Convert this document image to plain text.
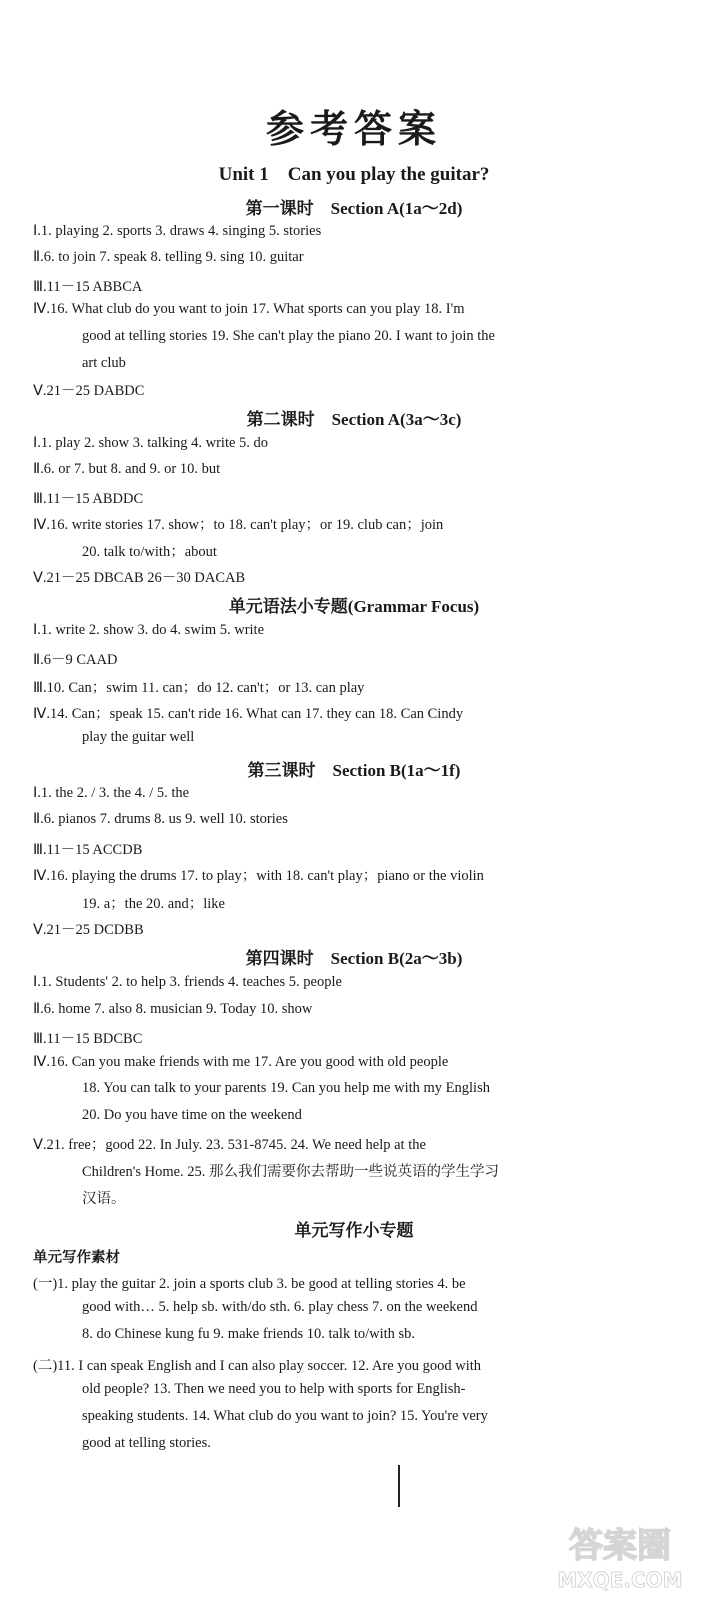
参考答案
Unit 1    Can you play the guitar?
第一课时    Section A(1a～2d)
Ⅰ.1. playing 2. sports 3. draws 4. singing 5. stories
Ⅱ.6. to join 7. speak 8. telling 9. sing 10. guitar
Ⅲ.11－15 ABBCA
Ⅳ.16. What club do you want to join 17. What sports can you play 18. I'm
good at telling stories 19. She can't play the piano 20. I want to join the
art club
Ⅴ.21－25 DABDC
第二课时    Section A(3a～3c)
Ⅰ.1. play 2. show 3. talking 4. write 5. do
Ⅱ.6. or 7. but 8. and 9. or 10. but
Ⅲ.11－15 ABDDC
Ⅳ.16. write stories 17. show；to 18. can't play；or 19. club can；join
20. talk to/with；about
Ⅴ.21－25 DBCAB 26－30 DACAB
单元语法小专题(Grammar Focus)
Ⅰ.1. write 2. show 3. do 4. swim 5. write
Ⅱ.6－9 CAAD
Ⅲ.10. Can；swim 11. can；do 12. can't；or 13. can play
Ⅳ.14. Can；speak 15. can't ride 16. What can 17. they can 18. Can Cindy
play the guitar well
第三课时    Section B(1a～1f)
Ⅰ.1. the 2. / 3. the 4. / 5. the
Ⅱ.6. pianos 7. drums 8. us 9. well 10. stories
Ⅲ.11－15 ACCDB
Ⅳ.16. playing the drums 17. to play；with 18. can't play；piano or the violin
19. a；the 20. and；like
Ⅴ.21－25 DCDBB
第四课时    Section B(2a～3b)
Ⅰ.1. Students' 2. to help 3. friends 4. teaches 5. people
Ⅱ.6. home 7. also 8. musician 9. Today 10. show
Ⅲ.11－15 BDCBC
Ⅳ.16. Can you make friends with me 17. Are you good with old people
18. You can talk to your parents 19. Can you help me with my English
20. Do you have time on the weekend
Ⅴ.21. free；good 22. In July. 23. 531-8745. 24. We need help at the
Children's Home. 25. 那么我们需要你去帮助一些说英语的学生学习
汉语。
单元写作小专题
单元写作素材
(一)1. play the guitar 2. join a sports club 3. be good at telling stories 4. be
good with… 5. help sb. with/do sth. 6. play chess 7. on the weekend
8. do Chinese kung fu 9. make friends 10. talk to/with sb.
(二)11. I can speak English and I can also play soccer. 12. Are you good with
old people? 13. Then we need you to help with sports for English-
speaking students. 14. What club do you want to join? 15. You're very
good at telling stories.
答案圈
MXQE.COM
